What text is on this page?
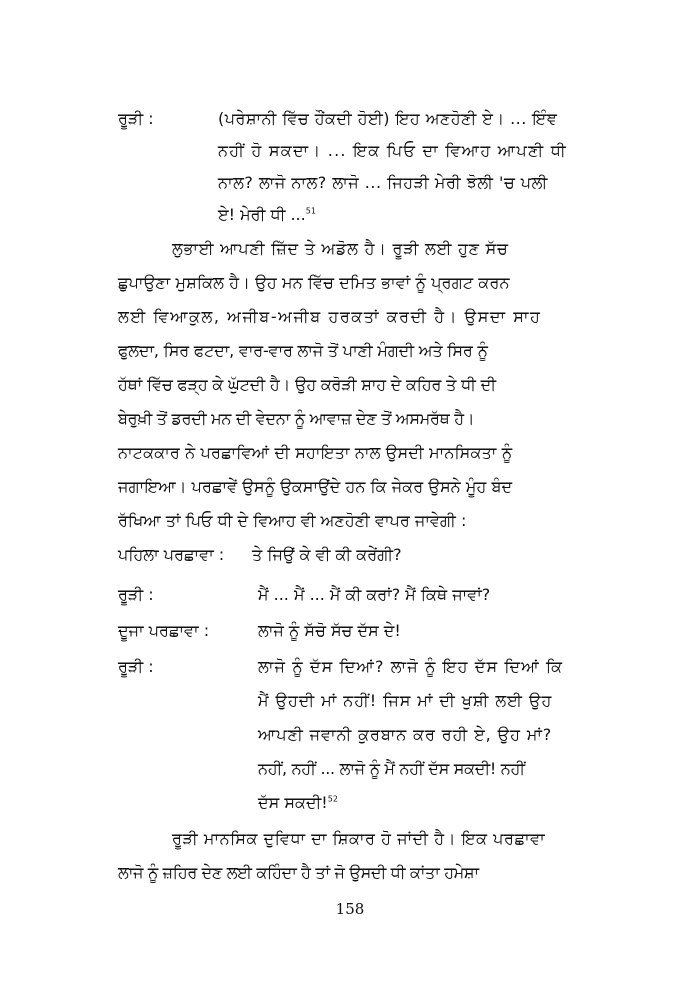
ਰੂੜੀ :	(ਪਰੇਸ਼ਾਨੀ ਵਿੱਚ ਹੌਂਕਦੀ ਹੋਈ) ਇਹ ਅਣਹੋਣੀ ਏ। ... ਇੰਞ
ਨਹੀਂ ਹੋ ਸਕਦਾ। ... ਇਕ ਪਿਓ ਦਾ ਵਿਆਹ ਆਪਣੀ ਧੀ
ਨਾਲ? ਲਾਜੋ ਨਾਲ? ਲਾਜੋ ... ਜਿਹੜੀ ਮੇਰੀ ਝੋਲੀ 'ਚ ਪਲੀ
ਏ! ਮੇਰੀ ਧੀ ...$^{51}$
ਲੁਭਾਈ ਆਪਣੀ ਜ਼ਿੱਦ ਤੇ ਅਡੋਲ ਹੈ। ਰੂੜੀ ਲਈ ਹੁਣ ਸੱਚ
ਛੁਪਾਉਣਾ ਮੁਸ਼ਕਿਲ ਹੈ। ਉਹ ਮਨ ਵਿੱਚ ਦਮਿਤ ਭਾਵਾਂ ਨੂੰ ਪ੍ਰਗਟ ਕਰਨ
ਲਈ ਵਿਆਕੁਲ, ਅਜੀਬ-ਅਜੀਬ ਹਰਕਤਾਂ ਕਰਦੀ ਹੈ। ਉਸਦਾ ਸਾਹ
ਫੁਲਦਾ, ਸਿਰ ਫਟਦਾ, ਵਾਰ-ਵਾਰ ਲਾਜੋ ਤੋਂ ਪਾਣੀ ਮੰਗਦੀ ਅਤੇ ਸਿਰ ਨੂੰ
ਹੱਥਾਂ ਵਿੱਚ ਫੜ੍ਹ ਕੇ ਘੁੱਟਦੀ ਹੈ। ਉਹ ਕਰੋੜੀ ਸ਼ਾਹ ਦੇ ਕਹਿਰ ਤੇ ਧੀ ਦੀ
ਬੇਰੁਖ਼ੀ ਤੋਂ ਡਰਦੀ ਮਨ ਦੀ ਵੇਦਨਾ ਨੂੰ ਆਵਾਜ਼ ਦੇਣ ਤੋਂ ਅਸਮਰੱਥ ਹੈ।
ਨਾਟਕਕਾਰ ਨੇ ਪਰਛਾਵਿਆਂ ਦੀ ਸਹਾਇਤਾ ਨਾਲ ਉਸਦੀ ਮਾਨਸਿਕਤਾ ਨੂੰ
ਜਗਾਇਆ। ਪਰਛਾਵੇਂ ਉਸਨੂੰ ਉਕਸਾਉਂਦੇ ਹਨ ਕਿ ਜੇਕਰ ਉਸਨੇ ਮੂੰਹ ਬੰਦ
ਰੱਖਿਆ ਤਾਂ ਪਿਓ ਧੀ ਦੇ ਵਿਆਹ ਵੀ ਅਣਹੋਣੀ ਵਾਪਰ ਜਾਵੇਗੀ :
ਪਹਿਲਾ ਪਰਛਾਵਾ : ਤੇ ਜਿਉਂ ਕੇ ਵੀ ਕੀ ਕਰੇਂਗੀ?
ਰੂੜੀ :	ਮੈਂ ... ਮੈਂ ... ਮੈਂ ਕੀ ਕਰਾਂ? ਮੈਂ ਕਿਥੇ ਜਾਵਾਂ?
ਦੂਜਾ ਪਰਛਾਵਾ :	ਲਾਜੋ ਨੂੰ ਸੱਚੋ ਸੱਚ ਦੱਸ ਦੇ!
ਰੂੜੀ :	ਲਾਜੋ ਨੂੰ ਦੱਸ ਦਿਆਂ? ਲਾਜੋ ਨੂੰ ਇਹ ਦੱਸ ਦਿਆਂ ਕਿ
ਮੈਂ ਉਹਦੀ ਮਾਂ ਨਹੀਂ! ਜਿਸ ਮਾਂ ਦੀ ਖੁਸ਼ੀ ਲਈ ਉਹ
ਆਪਣੀ ਜਵਾਨੀ ਕੁਰਬਾਨ ਕਰ ਰਹੀ ਏ, ਉਹ ਮਾਂ?
ਨਹੀਂ, ਨਹੀਂ ... ਲਾਜੋ ਨੂੰ ਮੈਂ ਨਹੀਂ ਦੱਸ ਸਕਦੀ! ਨਹੀਂ
ਦੱਸ ਸਕਦੀ!$^{52}$
ਰੂੜੀ ਮਾਨਸਿਕ ਦੁਵਿਧਾ ਦਾ ਸ਼ਿਕਾਰ ਹੋ ਜਾਂਦੀ ਹੈ। ਇਕ ਪਰਛਾਵਾ
ਲਾਜੋ ਨੂੰ ਜ਼ਹਿਰ ਦੇਣ ਲਈ ਕਹਿੰਦਾ ਹੈ ਤਾਂ ਜੋ ਉਸਦੀ ਧੀ ਕਾਂਤਾ ਹਮੇਸ਼ਾ
158
